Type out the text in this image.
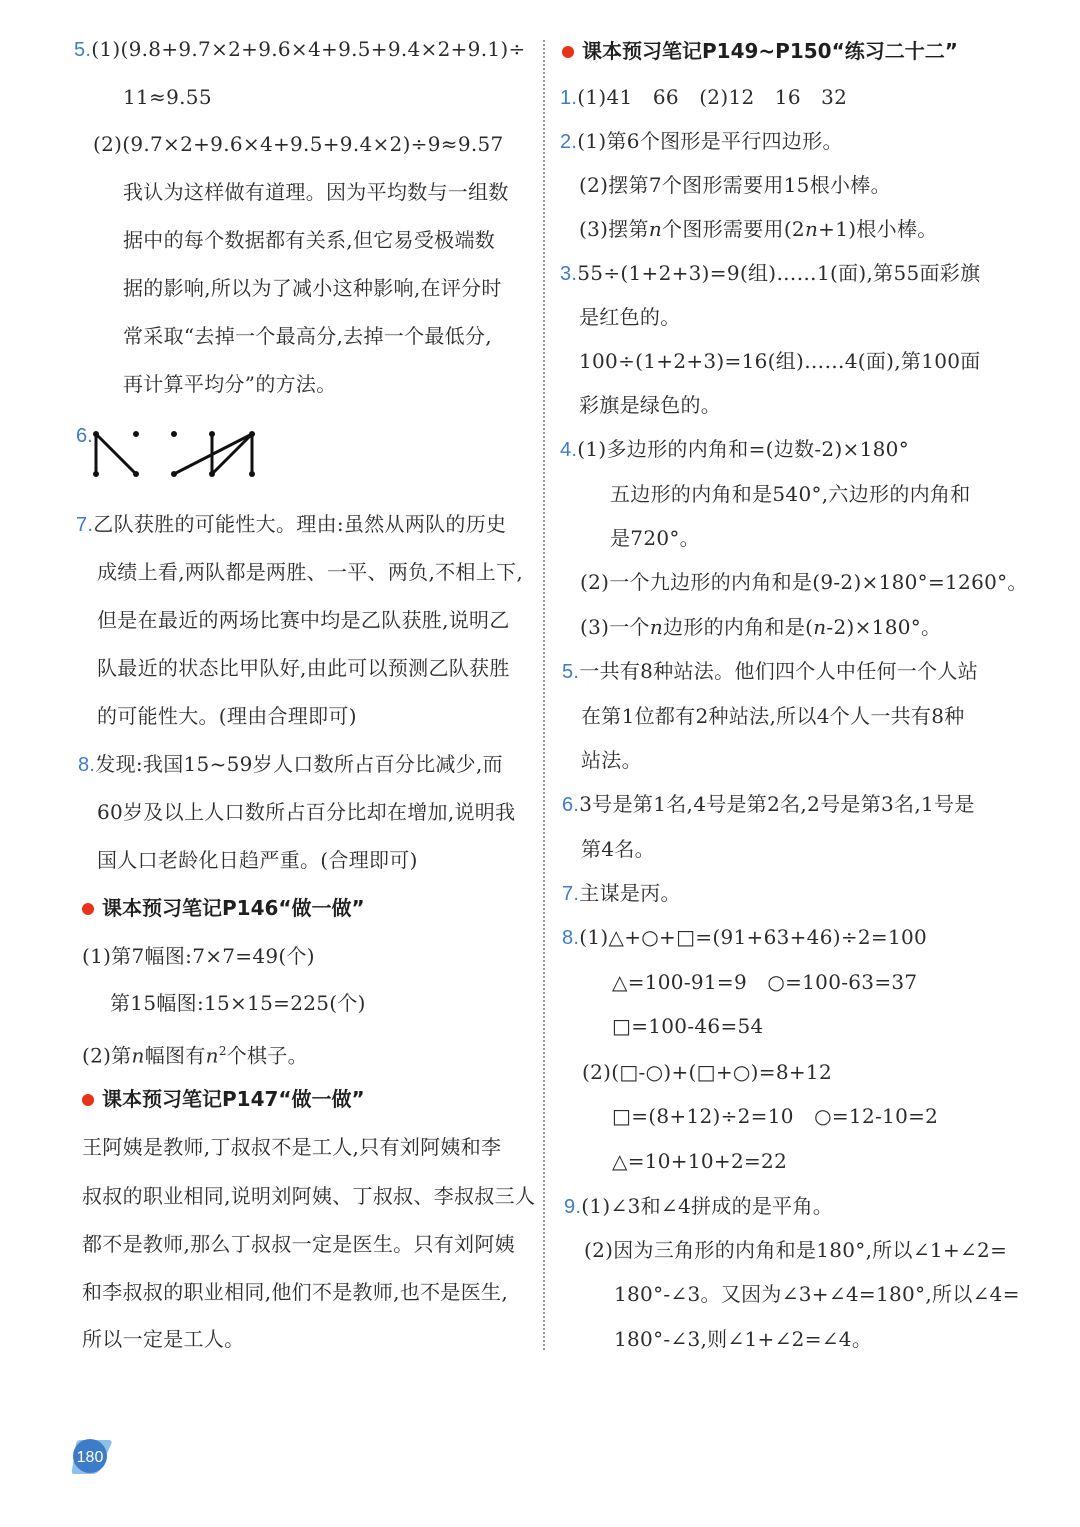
5.(1)(9.8+9.7×2+9.6×4+9.5+9.4×2+9.1)÷
11≈9.55
(2)(9.7×2+9.6×4+9.5+9.4×2)÷9≈9.57
我认为这样做有道理。因为平均数与一组数
据中的每个数据都有关系,但它易受极端数
据的影响,所以为了减小这种影响,在评分时
常采取“去掉一个最高分,去掉一个最低分,
再计算平均分”的方法。
6.
7.乙队获胜的可能性大。理由:虽然从两队的历史
成绩上看,两队都是两胜、一平、两负,不相上下,
但是在最近的两场比赛中均是乙队获胜,说明乙
队最近的状态比甲队好,由此可以预测乙队获胜
的可能性大。(理由合理即可)
8.发现:我国15~59岁人口数所占百分比减少,而
60岁及以上人口数所占百分比却在增加,说明我
国人口老龄化日趋严重。(合理即可)
课本预习笔记P146“做一做”
(1)第7幅图:7×7=49(个)
第15幅图:15×15=225(个)
(2)第n幅图有$n^2$个棋子。
课本预习笔记P147“做一做”
王阿姨是教师,丁叔叔不是工人,只有刘阿姨和李
叔叔的职业相同,说明刘阿姨、丁叔叔、李叔叔三人
都不是教师,那么丁叔叔一定是医生。只有刘阿姨
和李叔叔的职业相同,他们不是教师,也不是医生,
所以一定是工人。
课本预习笔记P149~P150“练习二十二”
1.(1)41　66　(2)12　16　32
2.(1)第6个图形是平行四边形。
(2)摆第7个图形需要用15根小棒。
(3)摆第n个图形需要用(2n+1)根小棒。
3.55÷(1+2+3)=9(组)……1(面),第55面彩旗
是红色的。
100÷(1+2+3)=16(组)……4(面),第100面
彩旗是绿色的。
4.(1)多边形的内角和=(边数-2)×180°
五边形的内角和是540°,六边形的内角和
是720°。
(2)一个九边形的内角和是(9-2)×180°=1260°。
(3)一个n边形的内角和是(n-2)×180°。
5.一共有8种站法。他们四个人中任何一个人站
在第1位都有2种站法,所以4个人一共有8种
站法。
6.3号是第1名,4号是第2名,2号是第3名,1号是
第4名。
7.主谋是丙。
8.(1)△+○+□=(91+63+46)÷2=100
△=100-91=9　 ○=100-63=37
□=100-46=54
(2)(□-○)+(□+○)=8+12
□=(8+12)÷2=10　 ○=12-10=2
△=10+10+2=22
9.(1)∠3和∠4拼成的是平角。
(2)因为三角形的内角和是180°,所以∠1+∠2=
180°-∠3。又因为∠3+∠4=180°,所以∠4=
180°-∠3,则∠1+∠2=∠4。
180
